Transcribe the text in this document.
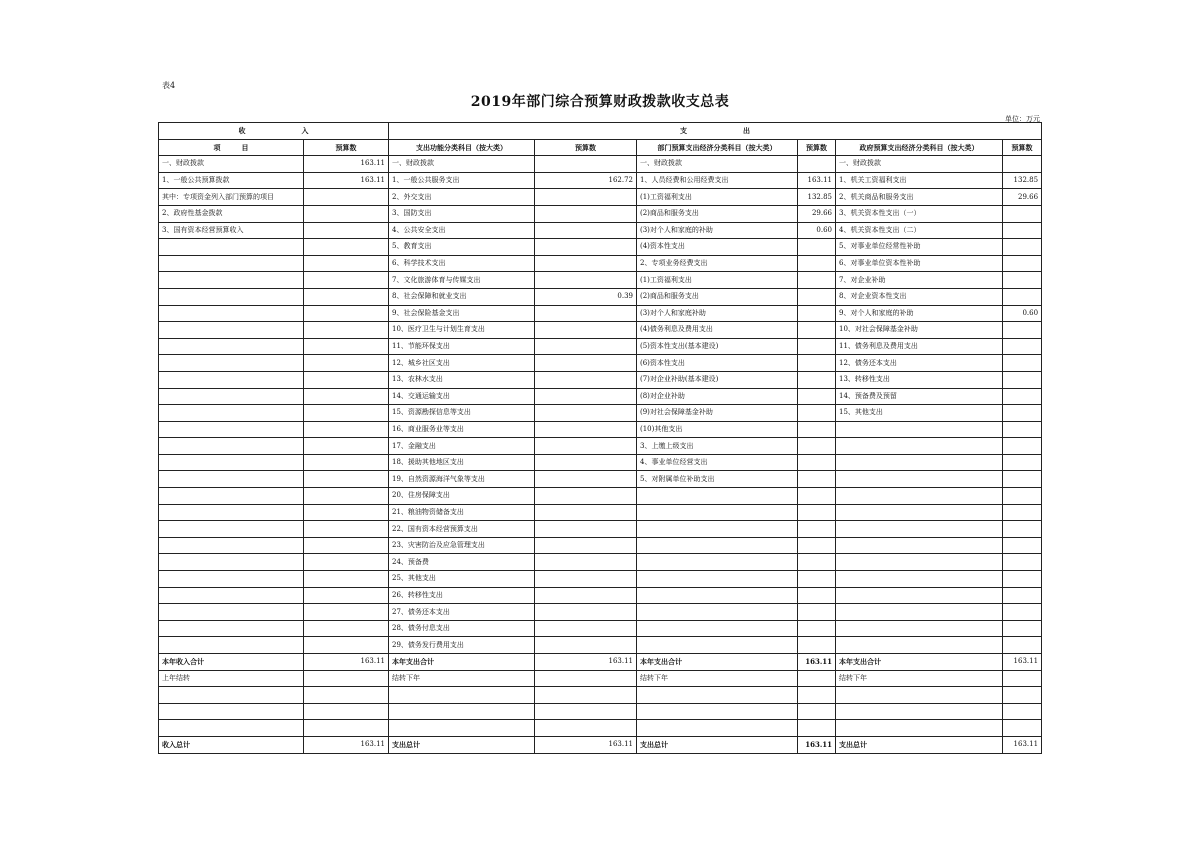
表4
2019年部门综合预算财政拨款收支总表
单位：万元
收　　　　　　　　入		支　　　　　　　　出					
项　　　目	预算数	支出功能分类科目（按大类）	预算数	部门预算支出经济分类科目（按大类）	预算数	政府预算支出经济分类科目（按大类）	预算数
一、财政拨款	163.11	一、财政拨款		一、财政拨款		一、财政拨款	
1、一般公共预算拨款	163.11	1、一般公共服务支出	162.72	1、人员经费和公用经费支出	163.11	1、机关工资福利支出	132.85
其中：专项资金列入部门预算的项目		2、外交支出		(1)工资福利支出	132.85	2、机关商品和服务支出	29.66
2、政府性基金拨款		3、国防支出		(2)商品和服务支出	29.66	3、机关资本性支出（一）	
3、国有资本经营预算收入		4、公共安全支出		(3)对个人和家庭的补助	0.60	4、机关资本性支出（二）	
		5、教育支出		(4)资本性支出		5、对事业单位经常性补助	
		6、科学技术支出		2、专项业务经费支出		6、对事业单位资本性补助	
		7、文化旅游体育与传媒支出		(1)工资福利支出		7、对企业补助	
		8、社会保障和就业支出	0.39	(2)商品和服务支出		8、对企业资本性支出	
		9、社会保险基金支出		(3)对个人和家庭补助		9、对个人和家庭的补助	0.60
		10、医疗卫生与计划生育支出		(4)债务利息及费用支出		10、对社会保障基金补助	
		11、节能环保支出		(5)资本性支出(基本建设)		11、债务利息及费用支出	
		12、城乡社区支出		(6)资本性支出		12、债务还本支出	
		13、农林水支出		(7)对企业补助(基本建设)		13、转移性支出	
		14、交通运输支出		(8)对企业补助		14、预备费及预留	
		15、资源勘探信息等支出		(9)对社会保障基金补助		15、其他支出	
		16、商业服务业等支出		(10)其他支出			
		17、金融支出		3、上缴上级支出			
		18、援助其他地区支出		4、事业单位经营支出			
		19、自然资源海洋气象等支出		5、对附属单位补助支出			
		20、住房保障支出					
		21、粮油物资储备支出					
		22、国有资本经营预算支出					
		23、灾害防治及应急管理支出					
		24、预备费					
		25、其他支出					
		26、转移性支出					
		27、债务还本支出					
		28、债务付息支出					
		29、债务发行费用支出					
本年收入合计	163.11	本年支出合计	163.11	本年支出合计	163.11	本年支出合计	163.11
上年结转		结转下年		结转下年		结转下年	

收入总计	163.11	支出总计	163.11	支出总计	163.11	支出总计	163.11
